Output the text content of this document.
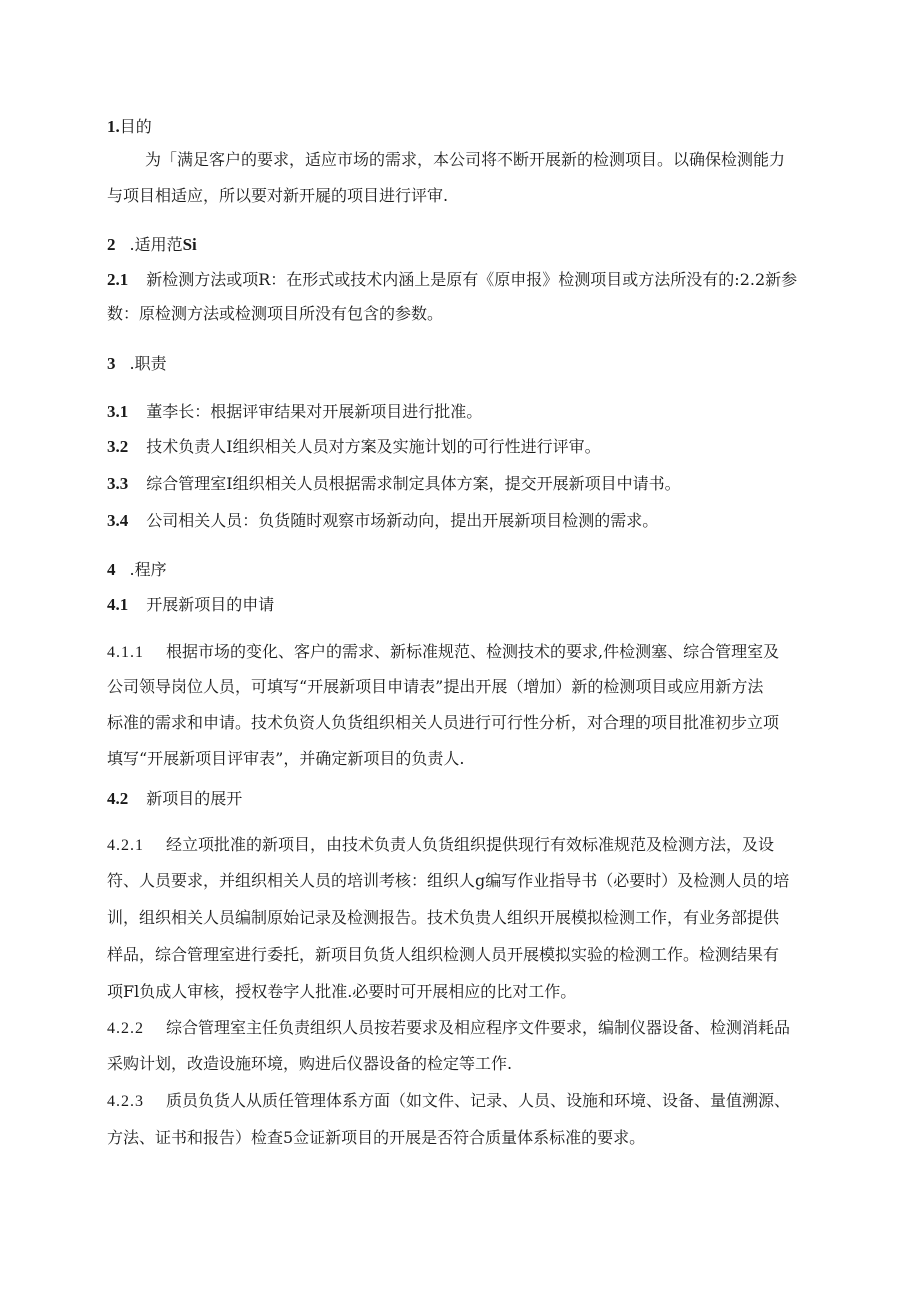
1.目的
为「满足客户的要求，适应市场的需求，本公司将不断开展新的检测项目。以确保检测能力
与项目相适应，所以要对新开屣的项目进行评审.
2 .适用范Si
2.1 新检测方法或项R：在形式或技术内涵上是原有《原申报》检测项目或方法所没有的:2.2新参
数：原检测方法或检测项目所没有包含的参数。
3 .职责
3.1 董李长：根据评审结果对开展新项目进行批准。
3.2 技术负责人I组织相关人员对方案及实施计划的可行性进行评审。
3.3 综合管理室I组织相关人员根据需求制定具体方案，提交开展新项目中请书。
3.4 公司相关人员：负货随时观察市场新动向，提出开展新项目检测的需求。
4 .程序
4.1 开展新项目的申请
4.1.1 根据市场的变化、客户的需求、新标准规范、检测技术的要求,件检测塞、综合管理室及
公司领导岗位人员，可填写“开展新项目申请表”提出开展（增加）新的检测项目或应用新方法
标准的需求和申请。技术负资人负货组织相关人员进行可行性分析，对合理的项目批准初步立项
填写“开展新项目评审表”，并确定新项目的负责人.
4.2 新项目的展开
4.2.1 经立项批准的新项目，由技术负责人负货组织提供现行有效标准规范及检测方法，及设
符、人员要求，并组织相关人员的培训考核：组织人g编写作业指导书（必要时）及检测人员的培
训，组织相关人员编制原始记录及检测报告。技术负贵人组织开展模拟检测工作，有业务部提供
样品，综合管理室进行委托，新项目负货人组织检测人员开展模拟实验的检测工作。检测结果有
项Fl负成人审核，授权卷字人批准.必要时可开展相应的比对工作。
4.2.2 综合管理室主任负责组织人员按若要求及相应程序文件要求，编制仪器设备、检测消耗品
采购计划，改造设施环境，购进后仪器设备的检定等工作.
4.2.3 质员负货人从质任管理体系方面（如文件、记录、人员、设施和环境、设备、量值溯源、
方法、证书和报告）检查5佥证新项目的开展是否符合质量体系标准的要求。
